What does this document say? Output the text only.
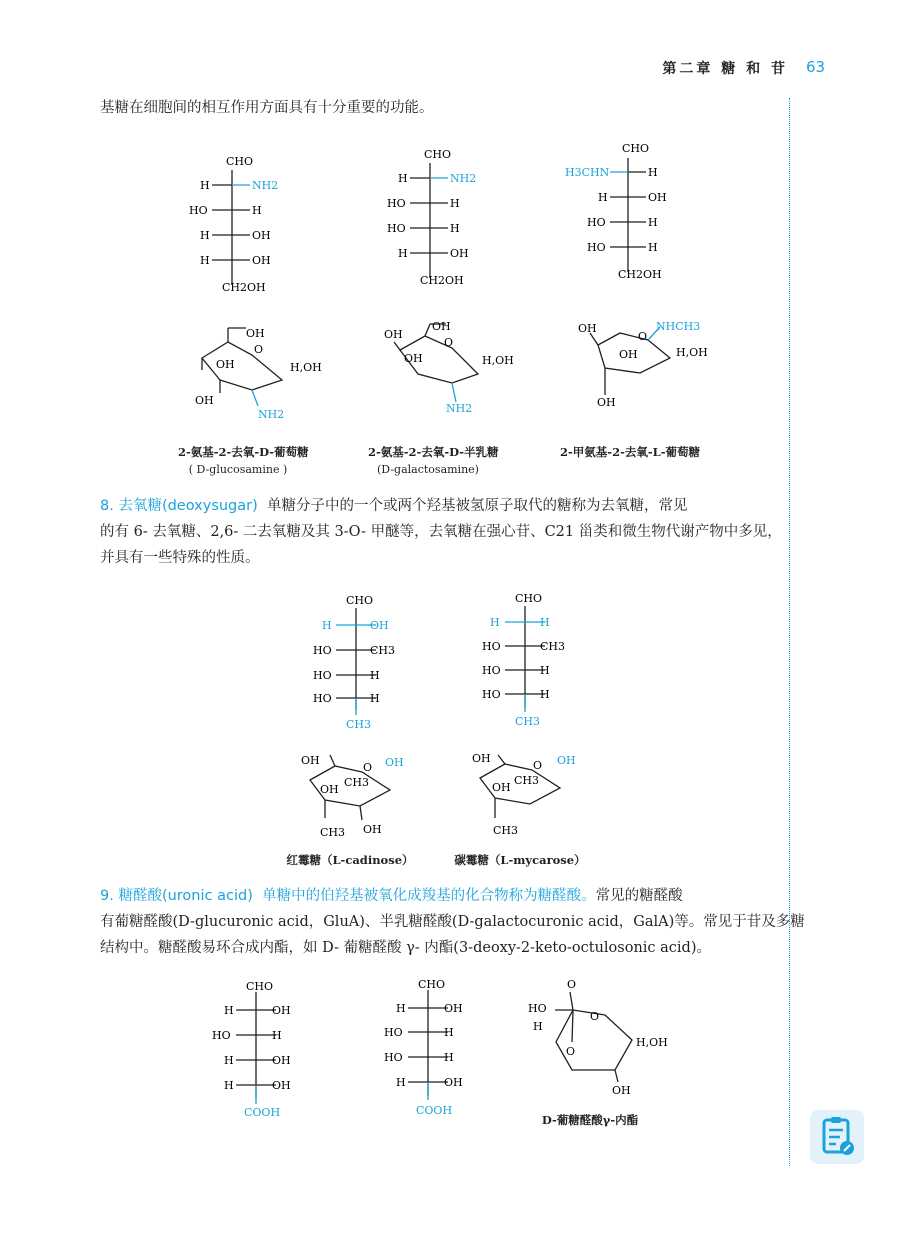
第二章 糖 和 苷 63
基糖在细胞间的相互作用方面具有十分重要的功能。
CHO
H	NH2
HO	H
H	OH
H	OH
CH2OH
CHO
H	NH2
HO	H
HO	H
H	OH
CH2OH
CHO
H3CHN	H
H	OH
HO	H
HO	H
CH2OH
OH
O
OH	H,OH
OH
NH2
OH
OH
O
OH	H,OH
NH2
OH
O
NHCH3
OH	H,OH
OH
2-氨基-2-去氧-D-葡萄糖
( D-glucosamine )
2-氨基-2-去氧-D-半乳糖
(D-galactosamine)
2-甲氨基-2-去氧-L-葡萄糖
8. 去氧糖(deoxysugar) 单糖分子中的一个或两个羟基被氢原子取代的糖称为去氧糖，常见
的有 6- 去氧糖、2,6- 二去氧糖及其 3-O- 甲醚等，去氧糖在强心苷、C21 甾类和微生物代谢产物中多见，
并具有一些特殊的性质。
CHO
H	OH
HO	CH3
HO	H
HO	H
CH3
CHO
H	H
HO	CH3
HO	H
HO	H
CH3
OH
CH3
O OH
OH
CH3 OH
OH
CH3
O OH
OH
CH3
红霉糖（L-cadinose）	碳霉糖（L-mycarose）
9. 糖醛酸(uronic acid) 单糖中的伯羟基被氧化成羧基的化合物称为糖醛酸。常见的糖醛酸
有葡糖醛酸(D-glucuronic acid，GluA)、半乳糖醛酸(D-galactocuronic acid，GalA)等。常见于苷及多糖
结构中。糖醛酸易环合成内酯，如 D- 葡糖醛酸 γ- 内酯(3-deoxy-2-keto-octulosonic acid)。
CHO
H	OH
HO	H
H	OH
H	OH
COOH
CHO
H	OH
HO	H
HO	H
H	OH
COOH
O
HO
H
O
O
H,OH
OH
D-葡糖醛酸γ-内酯
